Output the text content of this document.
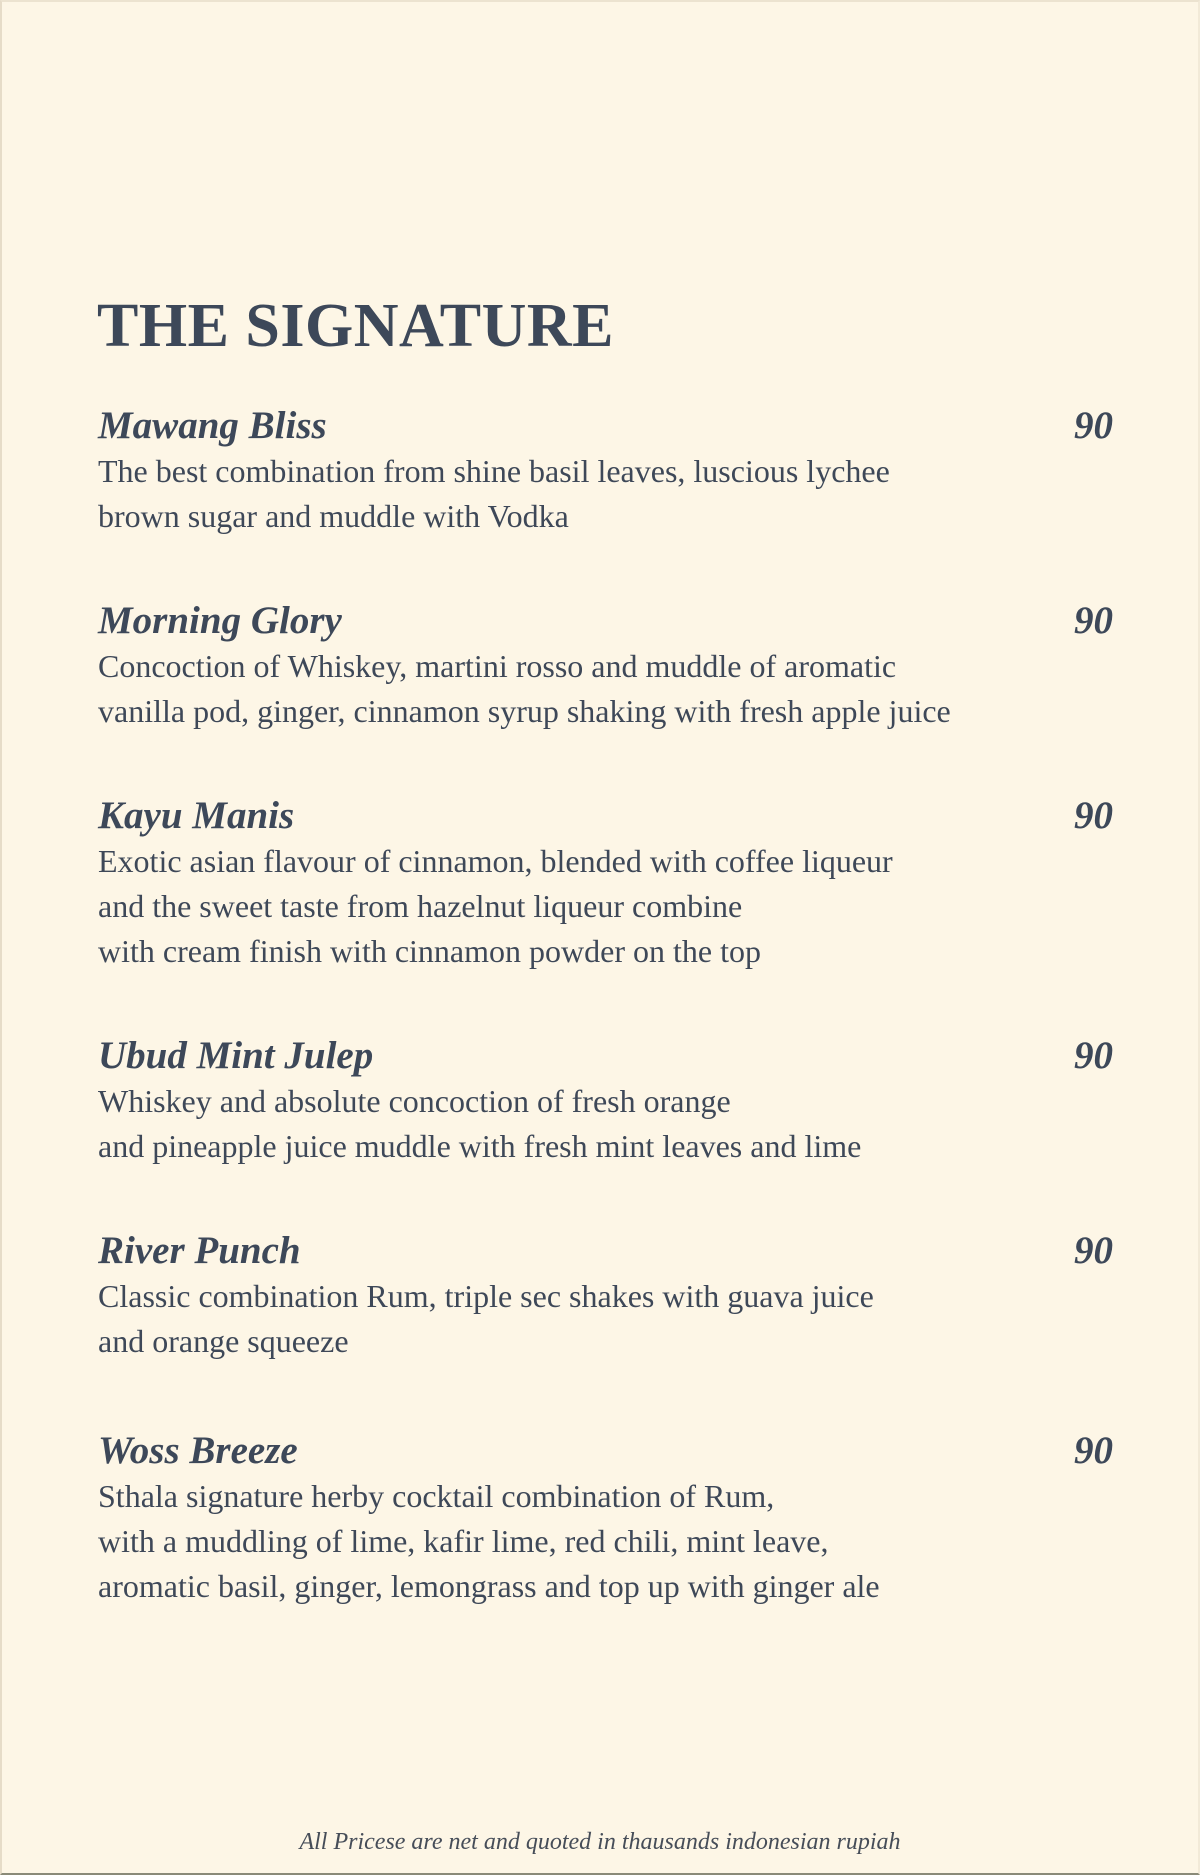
THE SIGNATURE
Mawang Bliss	90
The best combination from shine basil leaves, luscious lychee
brown sugar and muddle with Vodka
Morning Glory	90
Concoction of Whiskey, martini rosso and muddle of aromatic
vanilla pod, ginger, cinnamon syrup shaking with fresh apple juice
Kayu Manis	90
Exotic asian flavour of cinnamon, blended with coffee liqueur
and the sweet taste from hazelnut liqueur combine
with cream finish with cinnamon powder on the top
Ubud Mint Julep	90
Whiskey and absolute concoction of fresh orange
and pineapple juice muddle with fresh mint leaves and lime
River Punch	90
Classic combination Rum, triple sec shakes with guava juice
and orange squeeze
Woss Breeze	90
Sthala signature herby cocktail combination of Rum,
with a muddling of lime, kafir lime, red chili, mint leave,
aromatic basil, ginger, lemongrass and top up with ginger ale
All Pricese are net and quoted in thausands indonesian rupiah
